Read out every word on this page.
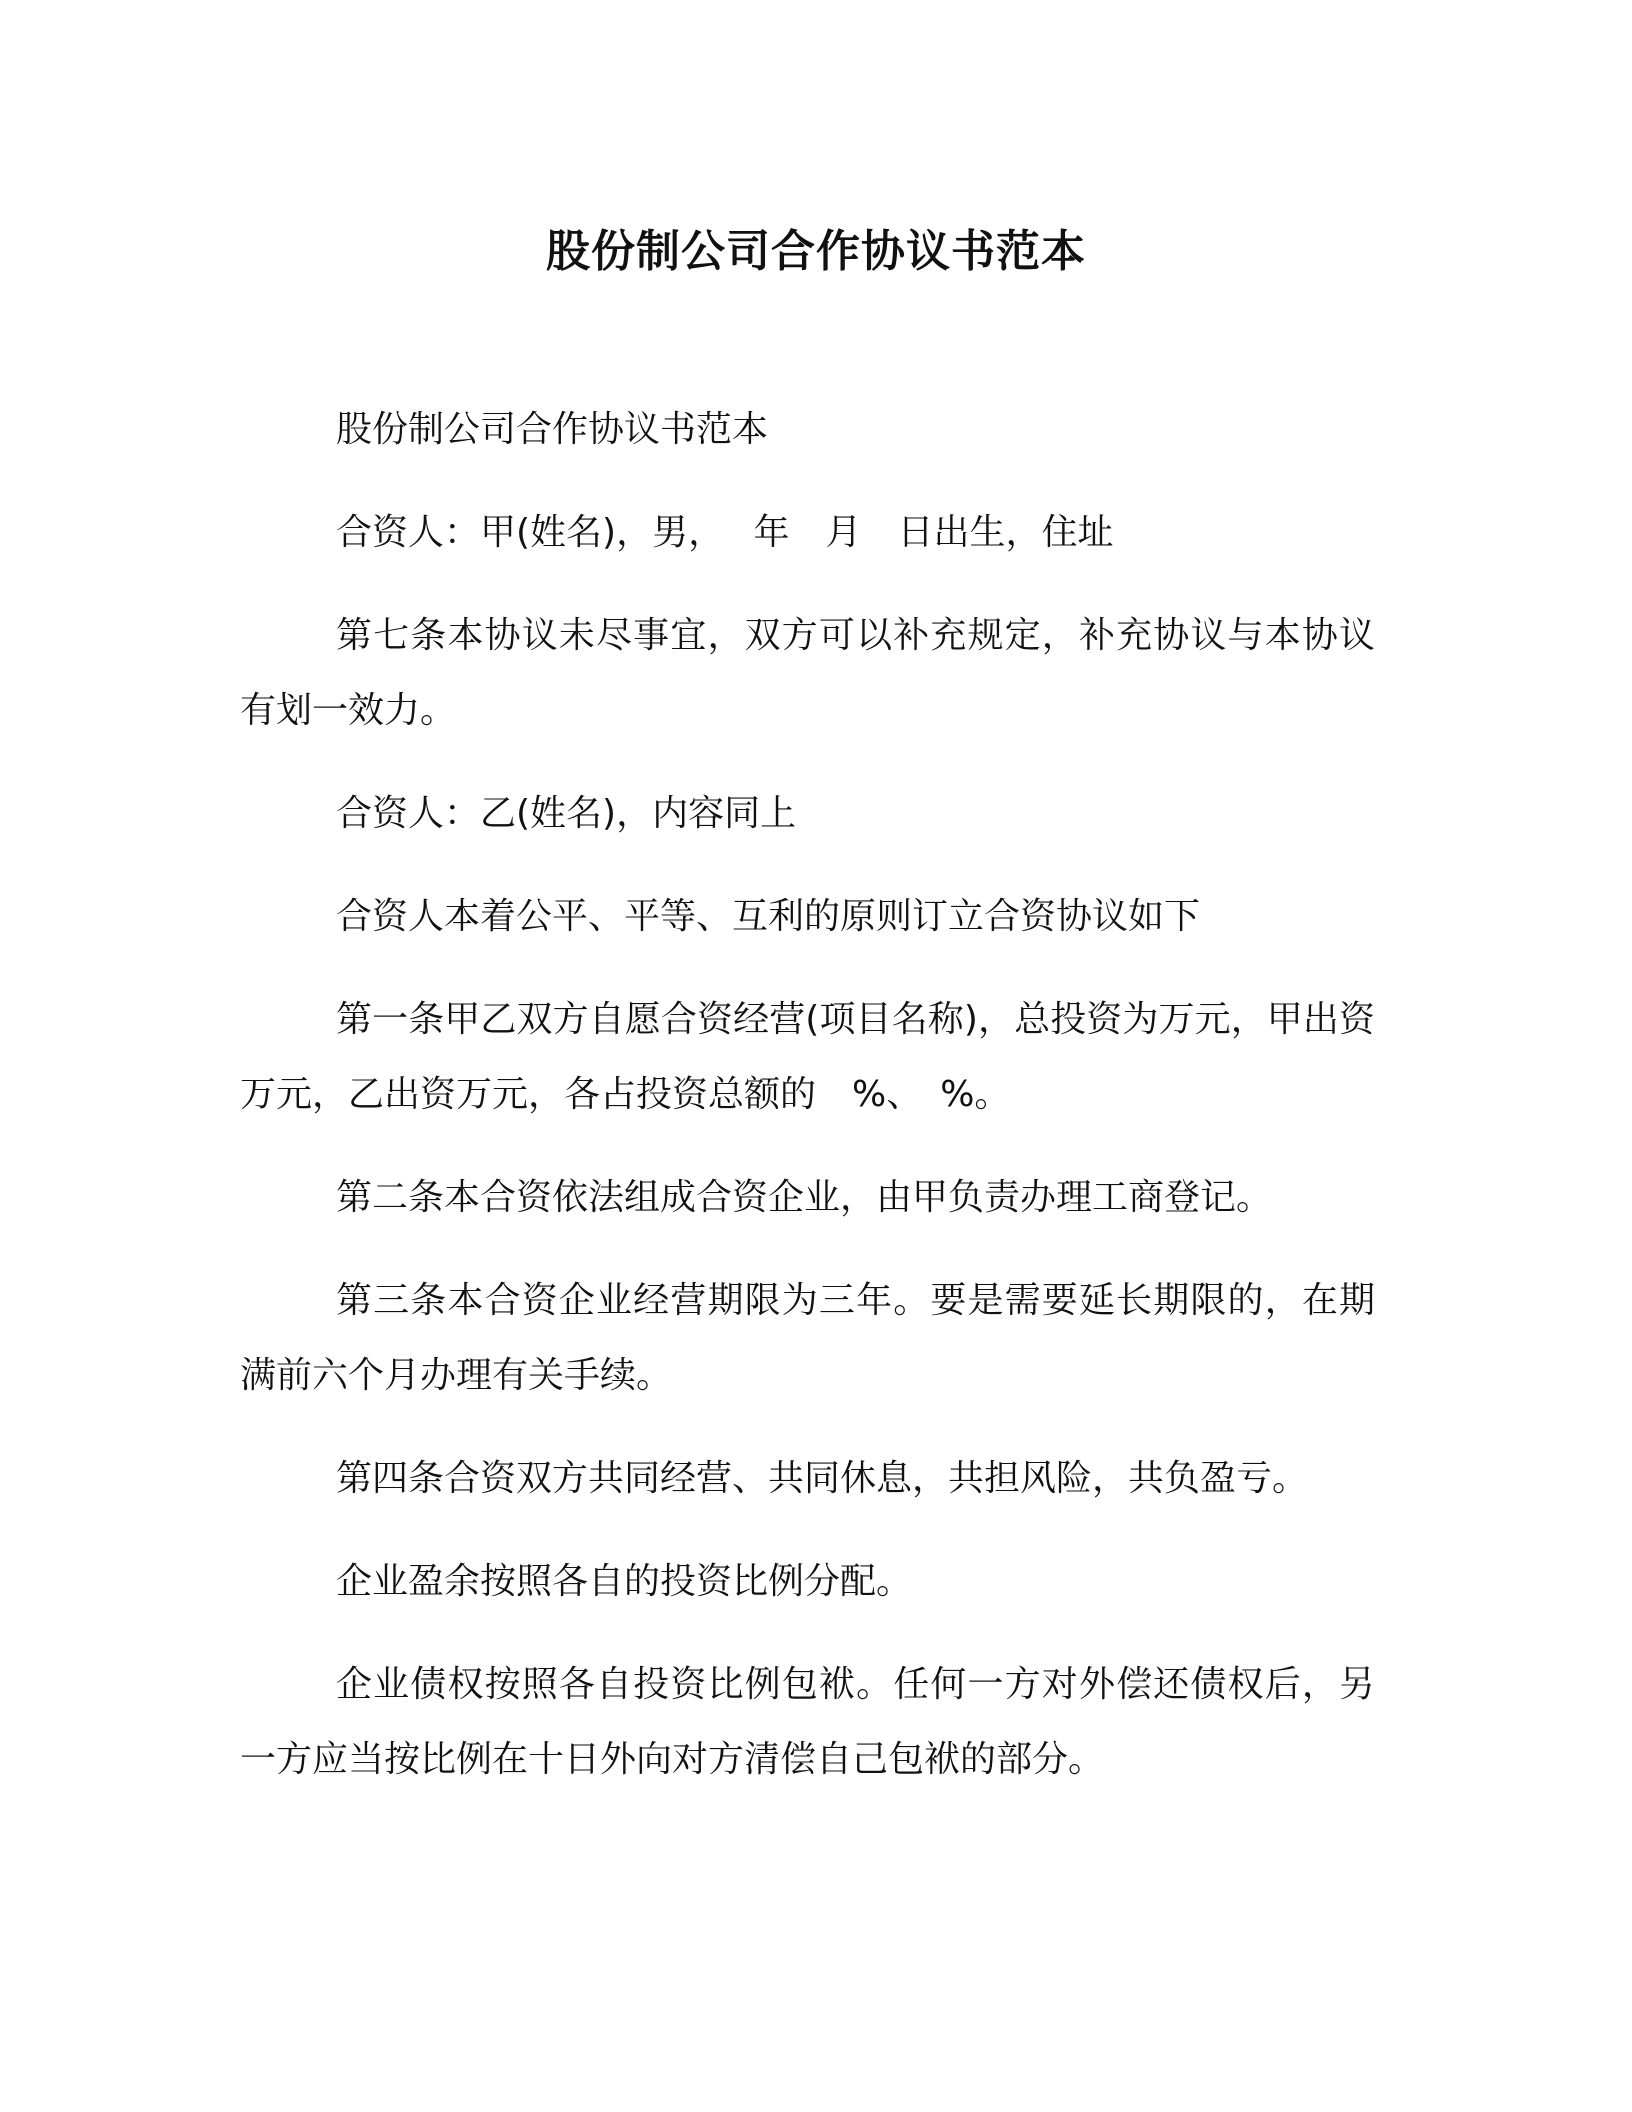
股份制公司合作协议书范本

股份制公司合作协议书范本

合资人：甲(姓名)，男，　 年　月　日出生，住址

第七条本协议未尽事宜，双方可以补充规定，补充协议与本协议有划一效力。

合资人：乙(姓名)，内容同上

合资人本着公平、平等、互利的原则订立合资协议如下

第一条甲乙双方自愿合资经营(项目名称)，总投资为万元，甲出资万元，乙出资万元，各占投资总额的　%、　%。

第二条本合资依法组成合资企业，由甲负责办理工商登记。

第三条本合资企业经营期限为三年。要是需要延长期限的，在期满前六个月办理有关手续。

第四条合资双方共同经营、共同休息，共担风险，共负盈亏。

企业盈余按照各自的投资比例分配。

企业债权按照各自投资比例包袱。任何一方对外偿还债权后，另一方应当按比例在十日外向对方清偿自己包袱的部分。
